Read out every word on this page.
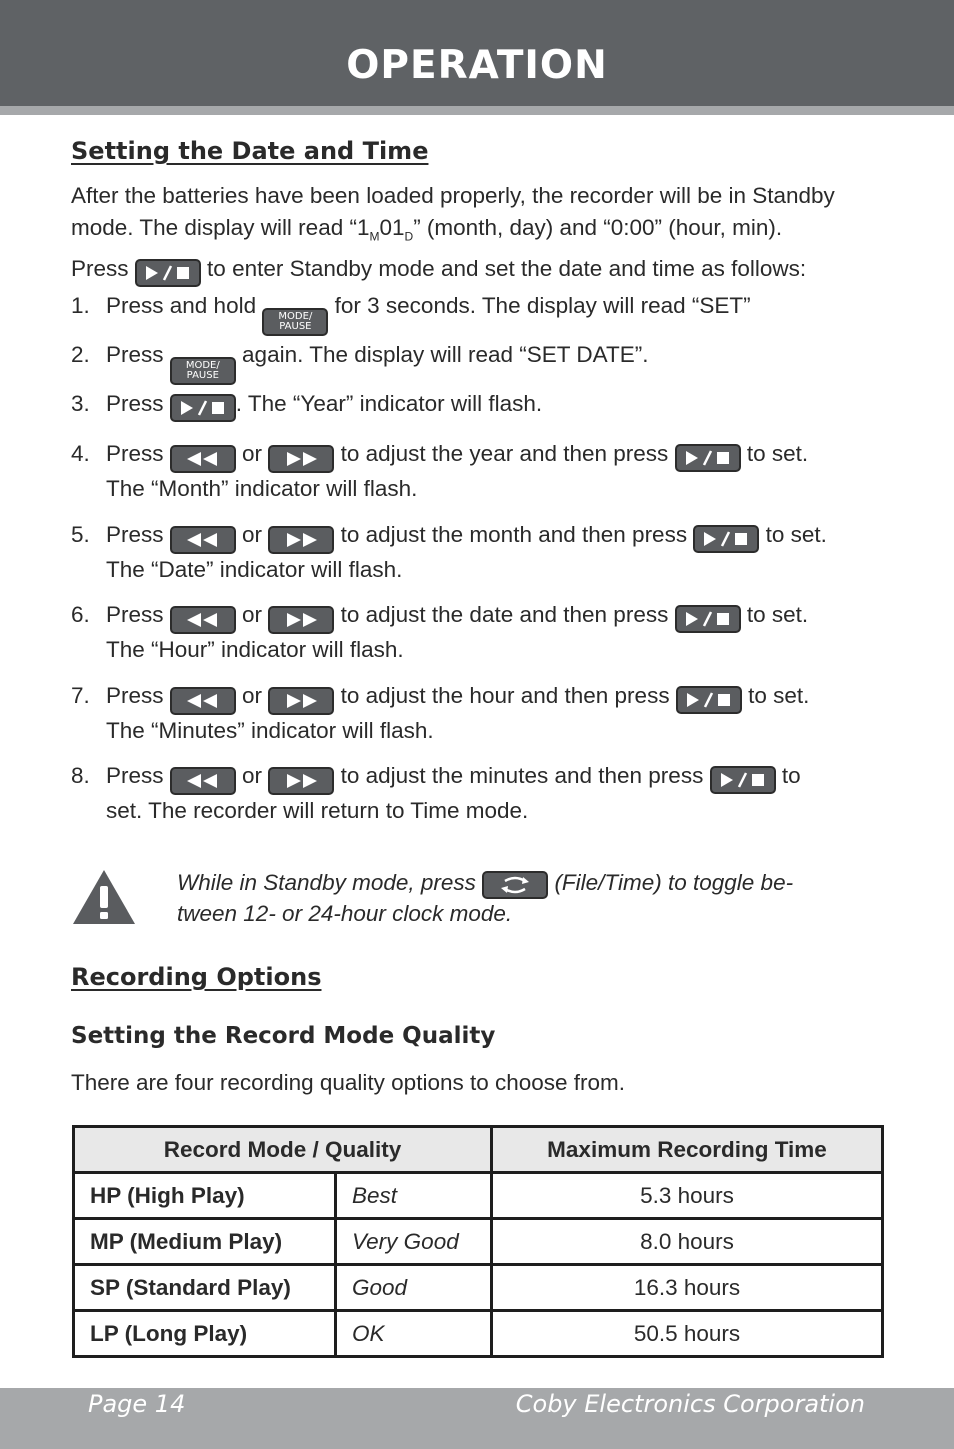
OPERATION
Setting the Date and Time
After the batteries have been loaded properly, the recorder will be in Standby
mode. The display will read “$1_M01_D$” (month, day) and “0:00” (hour, min).
Press	to enter Standby mode and set the date and time as follows:
1. Press and hold MODE/
PAUSE
for 3 seconds. The display will read “SET”
2. Press MODE/
PAUSE
again. The display will read “SET DATE”.
3. Press	. The “Year” indicator will flash.
4. Press	or	to adjust the year and then press	to set.
The “Month” indicator will flash.
5. Press	or	to adjust the month and then press	to set.
The “Date” indicator will flash.
6. Press	or	to adjust the date and then press	to set.
The “Hour” indicator will flash.
7. Press	or	to adjust the hour and then press	to set.
The “Minutes” indicator will flash.
8. Press	or	to adjust the minutes and then press	to
set. The recorder will return to Time mode.
While in Standby mode, press	(File/Time) to toggle be-
tween 12- or 24-hour clock mode.
Recording Options
Setting the Record Mode Quality
There are four recording quality options to choose from.
Record Mode / Quality		Maximum Recording Time
HP (High Play)	Best	5.3 hours
MP (Medium Play)	Very Good	8.0 hours
SP (Standard Play)	Good	16.3 hours
LP (Long Play)	OK	50.5 hours
Page 14	Coby Electronics Corporation
